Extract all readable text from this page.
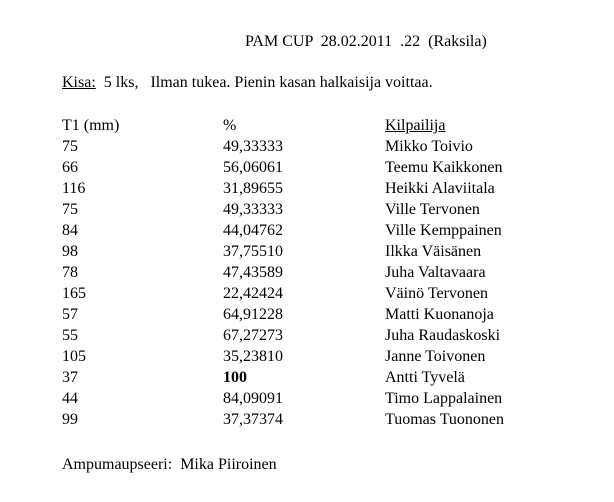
PAM CUP  28.02.2011  .22  (Raksila)
Kisa:  5 lks,   Ilman tukea. Pienin kasan halkaisija voittaa.
T1 (mm)	%	Kilpailija
75	49,33333	Mikko Toivio
66	56,06061	Teemu Kaikkonen
116	31,89655	Heikki Alaviitala
75	49,33333	Ville Tervonen
84	44,04762	Ville Kemppainen
98	37,75510	Ilkka Väisänen
78	47,43589	Juha Valtavaara
165	22,42424	Väinö Tervonen
57	64,91228	Matti Kuonanoja
55	67,27273	Juha Raudaskoski
105	35,23810	Janne Toivonen
37	100	Antti Tyvelä
44	84,09091	Timo Lappalainen
99	37,37374	Tuomas Tuononen
Ampumaupseeri:  Mika Piiroinen
